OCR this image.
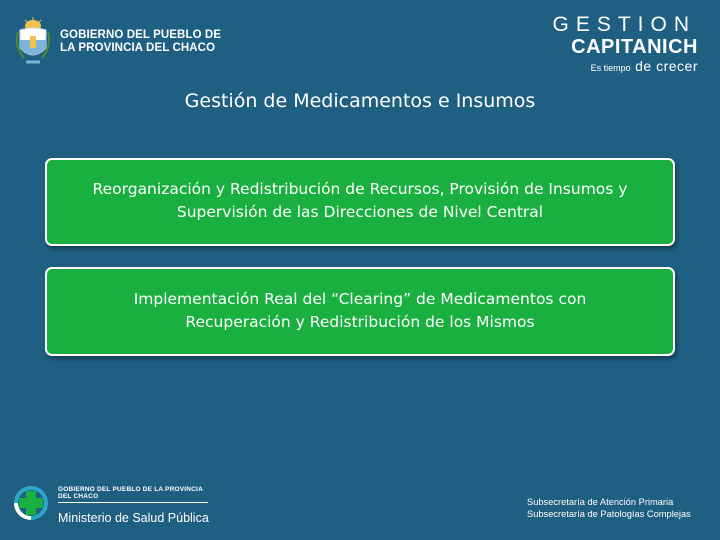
GOBIERNO DEL PUEBLO DE
LA PROVINCIA DEL CHACO
GESTION
CAPITANICH
Es tiempo de crecer
Gestión de Medicamentos e Insumos
Reorganización y Redistribución de Recursos, Provisión de Insumos y
Supervisión de las Direcciones de Nivel Central
Implementación Real del “Clearing” de Medicamentos con
Recuperación y Redistribución de los Mismos
GOBIERNO DEL PUEBLO DE LA PROVINCIA DEL CHACO
Ministerio de Salud Pública
Subsecretaría de Atención Primaria
Subsecretaría de Patologías Complejas
